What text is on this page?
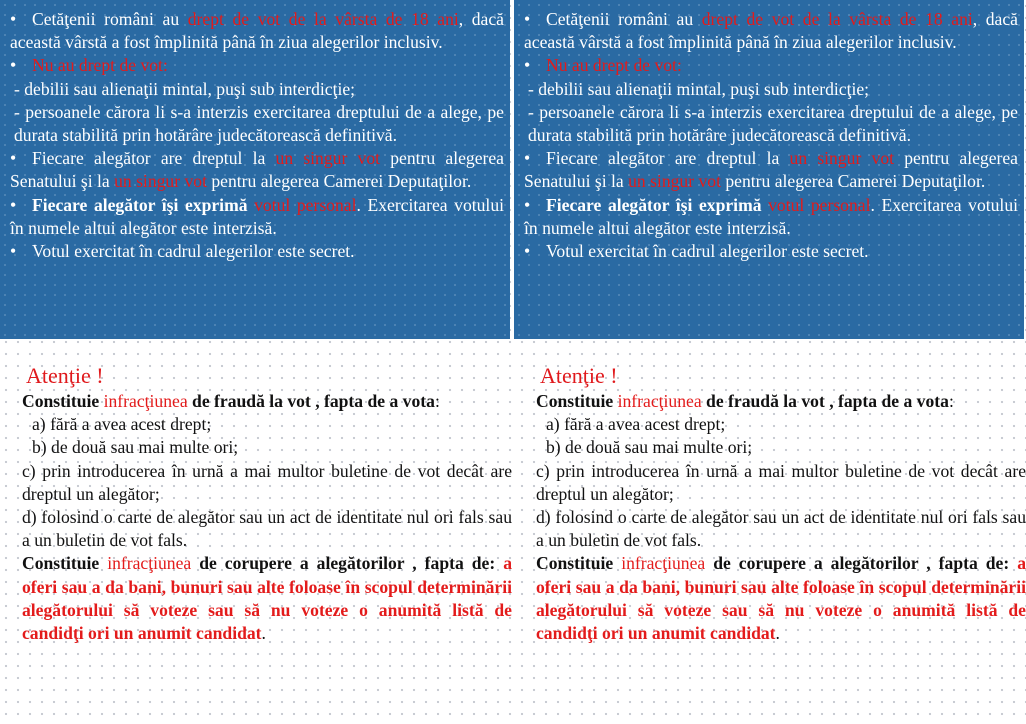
• Cetăţenii români au drept de vot de la vârsta de 18 ani, dacă această vârstă a fost împlinită până în ziua alegerilor inclusiv.

• Nu au drept de vot:

- debilii sau alienaţii mintal, puşi sub interdicţie;

- persoanele cărora li s-a interzis exercitarea dreptului de a alege, pe durata stabilită prin hotărâre judecătorească definitivă.

• Fiecare alegător are dreptul la un singur vot pentru alegerea Senatului şi la un singur vot pentru alegerea Camerei Deputaţilor.

• Fiecare alegător îşi exprimă votul personal. Exercitarea votului în numele altui alegător este interzisă.

• Votul exercitat în cadrul alegerilor este secret.

• Cetăţenii români au drept de vot de la vârsta de 18 ani, dacă această vârstă a fost împlinită până în ziua alegerilor inclusiv.

• Nu au drept de vot:

- debilii sau alienaţii mintal, puşi sub interdicţie;

- persoanele cărora li s-a interzis exercitarea dreptului de a alege, pe durata stabilită prin hotărâre judecătorească definitivă.

• Fiecare alegător are dreptul la un singur vot pentru alegerea Senatului şi la un singur vot pentru alegerea Camerei Deputaţilor.

• Fiecare alegător îşi exprimă votul personal. Exercitarea votului în numele altui alegător este interzisă.

• Votul exercitat în cadrul alegerilor este secret.

Atenţie !

Constituie infracţiunea de fraudă la vot , fapta de a vota:

a) fără a avea acest drept;

b) de două sau mai multe ori;

c) prin introducerea în urnă a mai multor buletine de vot decât are dreptul un alegător;

d) folosind o carte de alegător sau un act de identitate nul ori fals sau a un buletin de vot fals.

Constituie infracţiunea de corupere a alegătorilor , fapta de: a oferi sau a da bani, bunuri sau alte foloase în scopul determinării alegătorului să voteze sau să nu voteze o anumită listă de candidţi ori un anumit candidat.

Atenţie !

Constituie infracţiunea de fraudă la vot , fapta de a vota:

a) fără a avea acest drept;

b) de două sau mai multe ori;

c) prin introducerea în urnă a mai multor buletine de vot decât are dreptul un alegător;

d) folosind o carte de alegător sau un act de identitate nul ori fals sau a un buletin de vot fals.

Constituie infracţiunea de corupere a alegătorilor , fapta de: a oferi sau a da bani, bunuri sau alte foloase în scopul determinării alegătorului să voteze sau să nu voteze o anumită listă de candidţi ori un anumit candidat.
